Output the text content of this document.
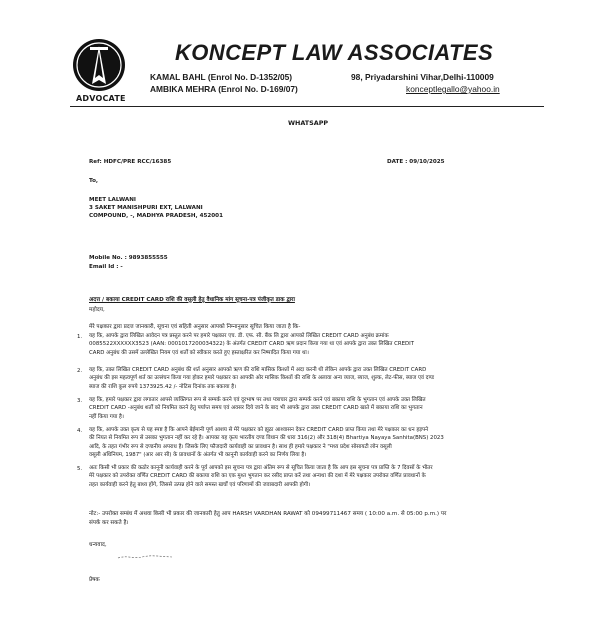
ADVOCATE
KONCEPT LAW ASSOCIATES
KAMAL BAHL (Enrol No. D-1352/05)
AMBIKA MEHRA (Enrol No. D-169/07)
98, Priyadarshini Vihar,Delhi-110009
konceptlegallo@yahoo.in
WHATSAPP
Ref: HDFC/PRE RCC/16385	DATE : 09/10/2025
To,
MEET LALWANI
3 SAKET MANISHPURI EXT, LALWANI
COMPOUND, -, MADHYA PRADESH, 452001
Mobile No. : 9893855555
Email Id : -
अदत्त / बकाया CREDIT CARD राशि की वसूली हेतु वैधानिक मांग सूचना-पत्र पंजीकृत डाक द्वारा
महोदय,
मेरे पक्षकार द्वारा प्रदत्त जानकारी, सूचना एवं सहिती अनुसार आपको निम्नानुसार सूचित किया जाता है कि-
1. यह कि, आपके द्वारा लिखित आवेदन पत्र प्रस्तुत करने पर हमारे पक्षकार एच. डी. एफ. सी. बैंक लि द्वारा आपको लिखित CREDIT CARD अनुबंध क्रमांक
0085522XXXXXX3523 (AAN: 0001017200034322) के अंतर्गत CREDIT CARD ऋण प्रदान किया गया था एवं आपके द्वारा उक्त लिखित CREDIT
CARD अनुबंध की उसमें उल्लेखित नियम एवं शर्तों को स्वीकार करते हुए हस्ताक्षरित कर निष्पादित किया गया था।
2. यह कि, उक्त लिखित CREDIT CARD अनुबंध की शर्त अनुसार आपको ऋण की राशि मासिक किश्तों में अदा करनी थी लेकिन आपके द्वारा उक्त लिखित CREDIT CARD
अनुबंध की इस महत्वपूर्ण शर्त का उल्लंघन किया गया होकर हमारे पक्षकार का आपकी ओर मासिक किश्तों की राशि के अलावा अन्य व्याज, ब्याज, शुल्क, लेट-फीस, ब्याज एवं दण्ड
ब्याज की राशि कुल रुपये 1373925.42 /- नोटिस दिनांक तक बकाया है।
3. यह कि, हमारे पक्षकार द्वारा लगातार आपसे व्यक्तिगत रूप से सम्पर्क करने एवं दूरभाष पर तथा पत्राचार द्वारा सम्पर्क करने एवं बकाया राशि के भुगतान एवं आपके उक्त लिखित
CREDIT CARD -अनुबंध शर्तों को नियमित करने हेतु पर्याप्त समय एवं अवसर दिये जाने के बाद भी आपके द्वारा उक्त CREDIT CARD खाते में बकाया राशि का भुगतान
नहीं किया गया है।
4. यह कि, आपके उक्त कृत्य से यह स्पष्ट है कि आपने बेईमानी पूर्ण आशय से मेरे पक्षकार को झूठा आश्वासन देकर CREDIT CARD प्राप्त किया तथा मेरे पक्षकार का धन हड़पने
की नियत से नियमित रूप से उसका भुगतान नहीं कर रहे है। आपका यह कृत्य भारतीय दण्ड विधान की धारा 316(2) और 318(4) Bhartiya Nayaya Sanhita(BNS) 2023
आदि, के तहत गंभीर रूप से दण्डनीय अपराध है। जिसके लिए फौजदारी कार्यवाही का प्रावधान है। साथ ही हमारे पक्षकार ने "मध्य प्रदेश सोसायटी लोन वसूली
वसूली अधिनियम, 1987" (आर आर सी) के प्रावधानों के अंतर्गत भी कानूनी कार्यवाही करने का निर्णय लिया है।
5. अतः किसी भी प्रकार की कठोर कानूनी कार्यवाही करने के पूर्व आपको इस सूचना पत्र द्वारा अंतिम रूप से सूचित किया जाता है कि आप इस सूचना पत्र प्राप्ति के 7 दिवसों के भीतर
मेरे पक्षकार को उपरोक्त वर्णित CREDIT CARD की बकाया राशि का एक मुश्त भुगतान कर रसीद प्राप्त करें तथा अन्यथा की दशा में मेरे पक्षकार उपरोक्त वर्णित प्रावधानों के
तहत कार्यवाही करने हेतु बाध्य होंगे, जिससे उत्पन्न होने वाले समस्त खर्चों एवं परिणामों की जवाबदारी आपकी होगी।
नोट:- उपरोक्त सम्बंध में अथवा किसी भी प्रकार की जानकारी हेतु आप HARSH VARDHAN RAWAT को 09499711467 समय ( 10:00 a.m. से 05:00 p.m.) पर
संपर्क कर सकते है।
धन्यवाद,
प्रेषक
